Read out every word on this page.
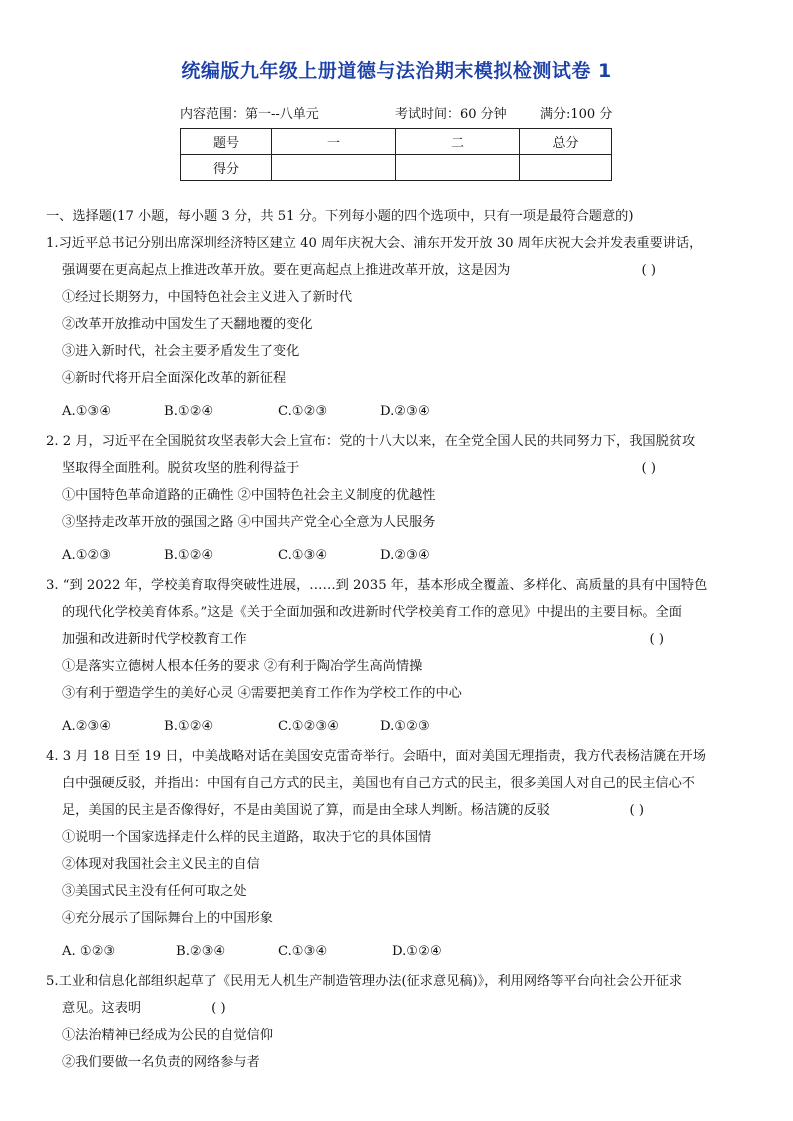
统编版九年级上册道德与法治期末模拟检测试卷 1
内容范围：第一--八单元	考试时间：60 分钟	满分:100 分
题号	一	二	总分
得分			
一、选择题(17 小题，每小题 3 分，共 51 分。下列每小题的四个选项中，只有一项是最符合题意的)
1.习近平总书记分别出席深圳经济特区建立 40 周年庆祝大会、浦东开发开放 30 周年庆祝大会并发表重要讲话，
强调要在更高起点上推进改革开放。要在更高起点上推进改革开放，这是因为	( )
①经过长期努力，中国特色社会主义进入了新时代
②改革开放推动中国发生了天翻地覆的变化
③进入新时代，社会主要矛盾发生了变化
④新时代将开启全面深化改革的新征程
A.①③④	B.①②④	C.①②③	D.②③④
2. 2 月，习近平在全国脱贫攻坚表彰大会上宣布：党的十八大以来，在全党全国人民的共同努力下，我国脱贫攻
坚取得全面胜利。脱贫攻坚的胜利得益于	( )
①中国特色革命道路的正确性 ②中国特色社会主义制度的优越性
③坚持走改革开放的强国之路 ④中国共产党全心全意为人民服务
A.①②③	B.①②④	C.①③④	D.②③④
3. “到 2022 年，学校美育取得突破性进展，……到 2035 年，基本形成全覆盖、多样化、高质量的具有中国特色
的现代化学校美育体系。”这是《关于全面加强和改进新时代学校美育工作的意见》中提出的主要目标。全面
加强和改进新时代学校教育工作	( )
①是落实立德树人根本任务的要求 ②有利于陶冶学生高尚情操
③有利于塑造学生的美好心灵 ④需要把美育工作作为学校工作的中心
A.②③④	B.①②④	C.①②③④	D.①②③
4. 3 月 18 日至 19 日，中美战略对话在美国安克雷奇举行。会晤中，面对美国无理指责，我方代表杨洁篪在开场
白中强硬反驳，并指出：中国有自己方式的民主，美国也有自己方式的民主，很多美国人对自己的民主信心不
足，美国的民主是否像得好，不是由美国说了算，而是由全球人判断。杨洁篪的反驳	( )
①说明一个国家选择走什么样的民主道路，取决于它的具体国情
②体现对我国社会主义民主的自信
③美国式民主没有任何可取之处
④充分展示了国际舞台上的中国形象
A. ①②③	B.②③④	C.①③④	D.①②④
5.工业和信息化部组织起草了《民用无人机生产制造管理办法(征求意见稿)》，利用网络等平台向社会公开征求
意见。这表明	( )
①法治精神已经成为公民的自觉信仰
②我们要做一名负责的网络参与者
